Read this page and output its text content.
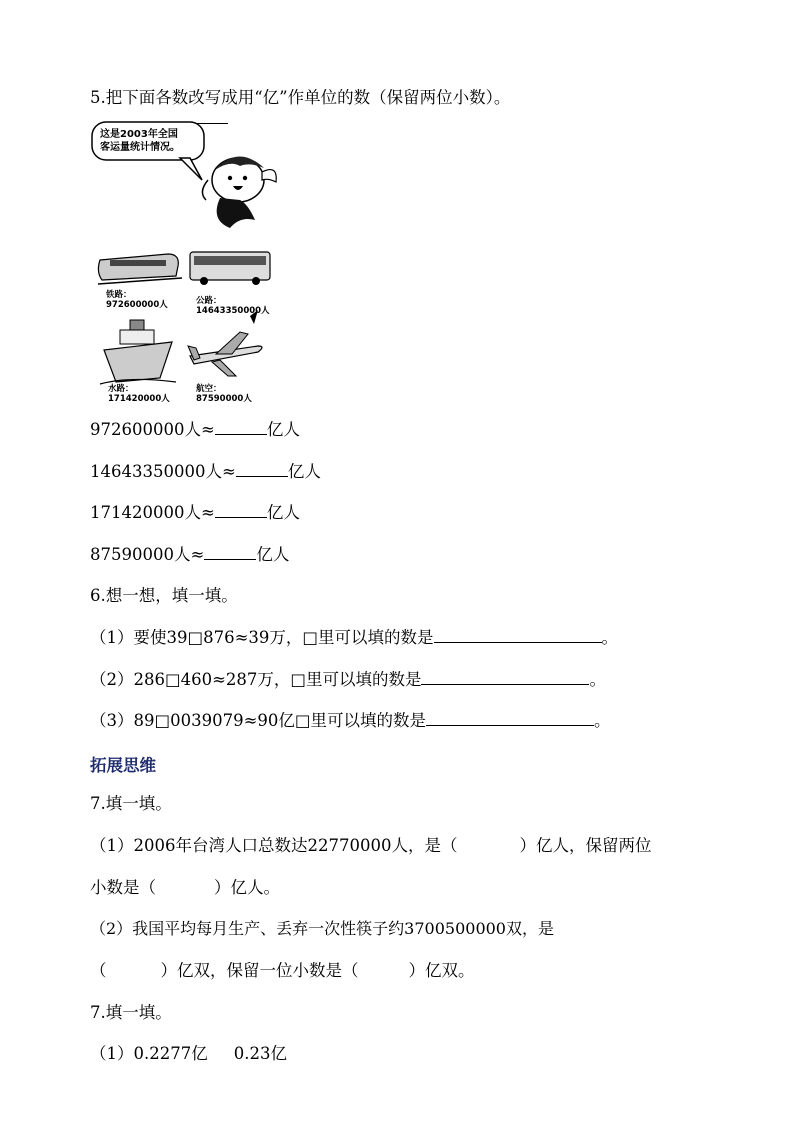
5.把下面各数改写成用“亿”作单位的数（保留两位小数）。
这是2003年全国
客运量统计情况。
铁路：
972600000人	公路：
14643350000人
水路：
171420000人
航空：
87590000人
972600000人≈	亿人
14643350000人≈	亿人
171420000人≈	亿人
87590000人≈	亿人
6.想一想，填一填。
（1）要使39□876≈39万，□里可以填的数是	。
（2）286□460≈287万，□里可以填的数是	。
（3）89□0039079≈90亿□里可以填的数是	。
拓展思维
7.填一填。
（1）2006年台湾人口总数达22770000人，是（	）亿人，保留两位
小数是（	）亿人。
（2）我国平均每月生产、丢弃一次性筷子约3700500000双，是
（	）亿双，保留一位小数是（	）亿双。
7.填一填。
（1）0.2277亿 0.23亿
